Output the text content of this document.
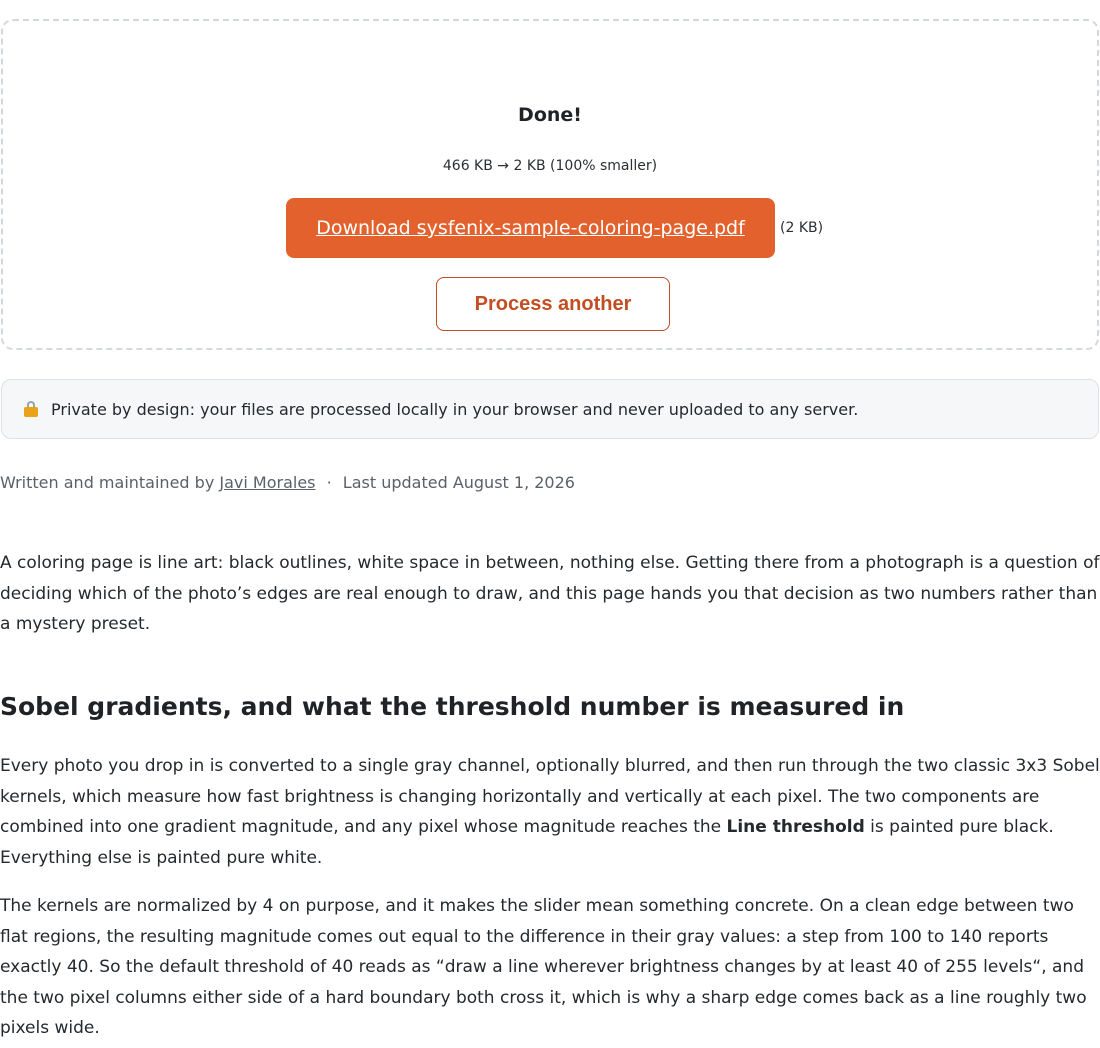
Done!
466 KB → 2 KB (100% smaller)
Download sysfenix-sample-coloring-page.pdf	(2 KB)
Process another
Private by design: your files are processed locally in your browser and never uploaded to any server.
Written and maintained by Javi Morales · Last updated August 1, 2026

A coloring page is line art: black outlines, white space in between, nothing else. Getting there from a photograph is a question of deciding which of the photo’s edges are real enough to draw, and this page hands you that decision as two numbers rather than a mystery preset.

Sobel gradients, and what the threshold number is measured in

Every photo you drop in is converted to a single gray channel, optionally blurred, and then run through the two classic 3x3 Sobel kernels, which measure how fast brightness is changing horizontally and vertically at each pixel. The two components are combined into one gradient magnitude, and any pixel whose magnitude reaches the Line threshold is painted pure black. Everything else is painted pure white.

The kernels are normalized by 4 on purpose, and it makes the slider mean something concrete. On a clean edge between two flat regions, the resulting magnitude comes out equal to the difference in their gray values: a step from 100 to 140 reports exactly 40. So the default threshold of 40 reads as “draw a line wherever brightness changes by at least 40 of 255 levels“, and the two pixel columns either side of a hard boundary both cross it, which is why a sharp edge comes back as a line roughly two pixels wide.
